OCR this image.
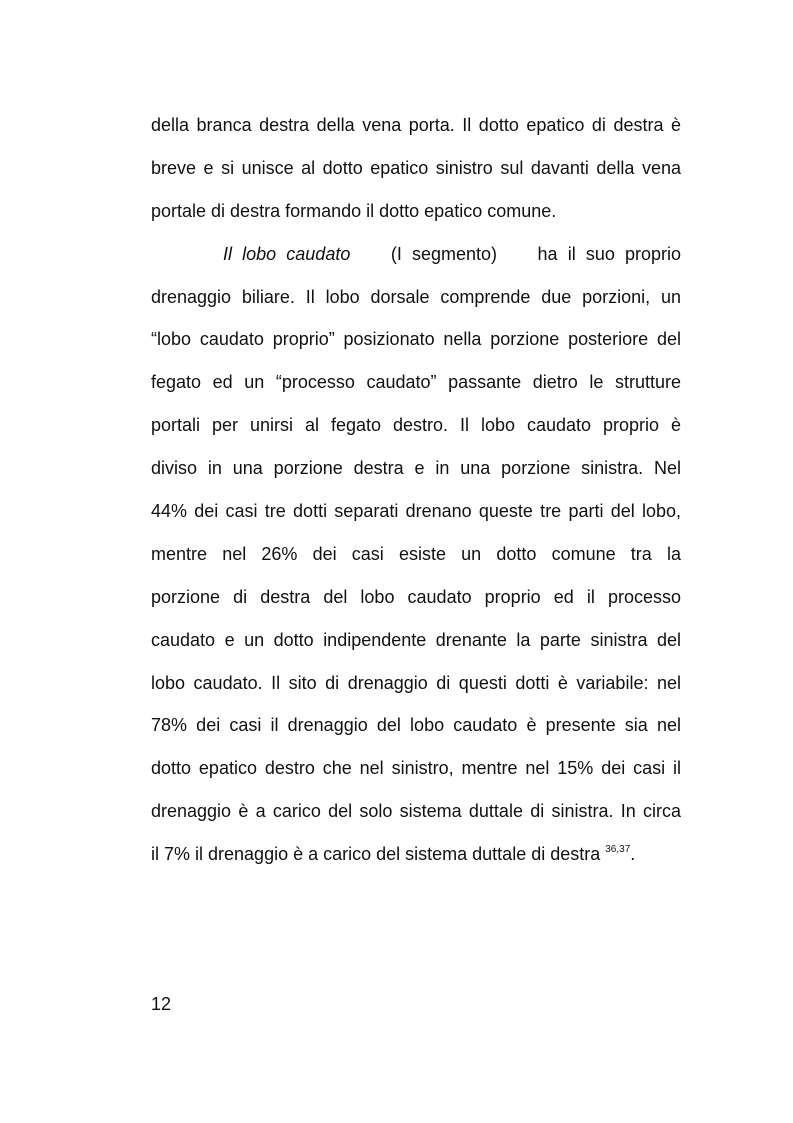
della branca destra della vena porta. Il dotto epatico di destra è
breve e si unisce al dotto epatico sinistro sul davanti della vena
portale di destra formando il dotto epatico comune.
Il lobo caudato (I segmento) ha il suo proprio
drenaggio biliare. Il lobo dorsale comprende due porzioni, un
“lobo caudato proprio” posizionato nella porzione posteriore del
fegato ed un “processo caudato” passante dietro le strutture
portali per unirsi al fegato destro. Il lobo caudato proprio è
diviso in una porzione destra e in una porzione sinistra. Nel
44% dei casi tre dotti separati drenano queste tre parti del lobo,
mentre nel 26% dei casi esiste un dotto comune tra la
porzione di destra del lobo caudato proprio ed il processo
caudato e un dotto indipendente drenante la parte sinistra del
lobo caudato. Il sito di drenaggio di questi dotti è variabile: nel
78% dei casi il drenaggio del lobo caudato è presente sia nel
dotto epatico destro che nel sinistro, mentre nel 15% dei casi il
drenaggio è a carico del solo sistema duttale di sinistra. In circa
il 7% il drenaggio è a carico del sistema duttale di destra $^{36,37}$.
12
